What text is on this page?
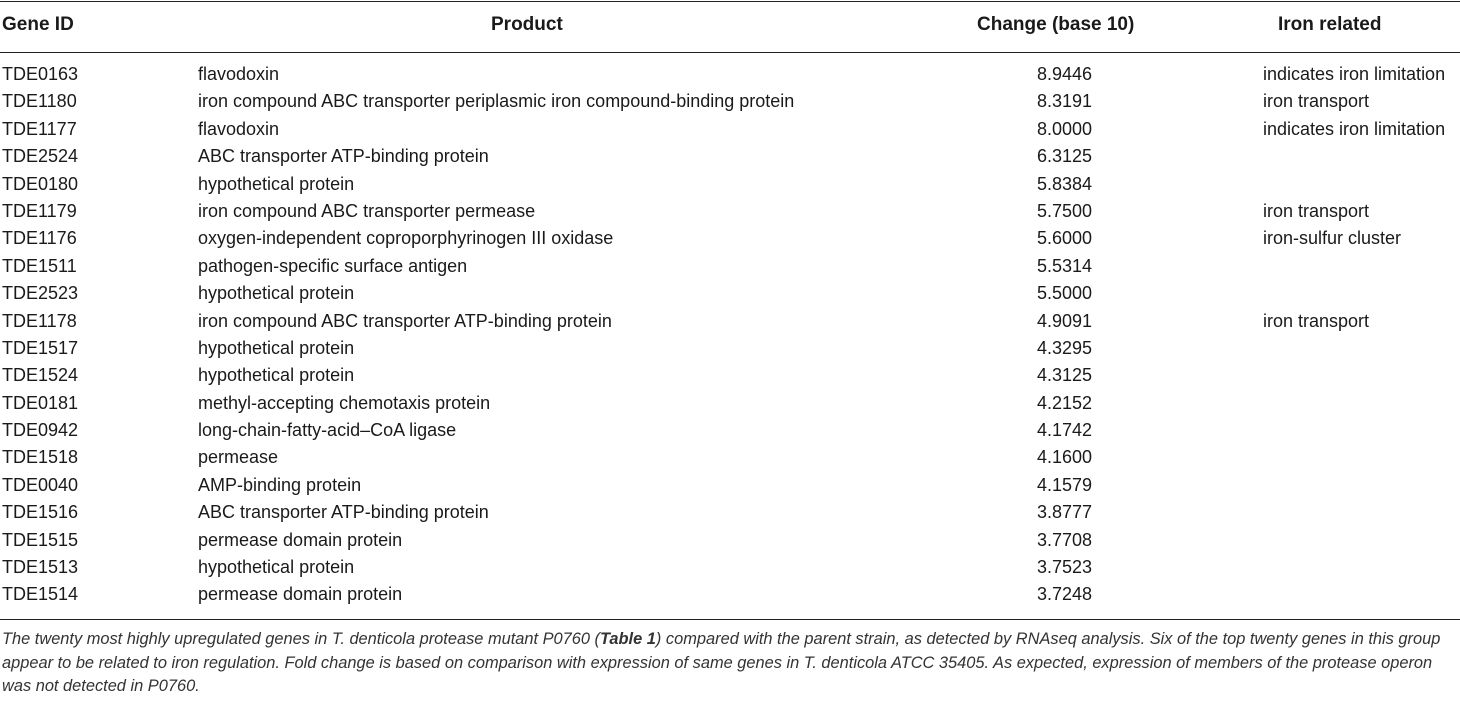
Gene ID	Product	Change (base 10)	Iron related
TDE0163	flavodoxin	8.9446	indicates iron limitation
TDE1180	iron compound ABC transporter periplasmic iron compound-binding protein	8.3191	iron transport
TDE1177	flavodoxin	8.0000	indicates iron limitation
TDE2524	ABC transporter ATP-binding protein	6.3125
TDE0180	hypothetical protein	5.8384
TDE1179	iron compound ABC transporter permease	5.7500	iron transport
TDE1176	oxygen-independent coproporphyrinogen III oxidase	5.6000	iron-sulfur cluster
TDE1511	pathogen-specific surface antigen	5.5314
TDE2523	hypothetical protein	5.5000
TDE1178	iron compound ABC transporter ATP-binding protein	4.9091	iron transport
TDE1517	hypothetical protein	4.3295
TDE1524	hypothetical protein	4.3125
TDE0181	methyl-accepting chemotaxis protein	4.2152
TDE0942	long-chain-fatty-acid–CoA ligase	4.1742
TDE1518	permease	4.1600
TDE0040	AMP-binding protein	4.1579
TDE1516	ABC transporter ATP-binding protein	3.8777
TDE1515	permease domain protein	3.7708
TDE1513	hypothetical protein	3.7523
TDE1514	permease domain protein	3.7248
The twenty most highly upregulated genes in T. denticola protease mutant P0760 (Table 1) compared with the parent strain, as detected by RNAseq analysis. Six of the top twenty genes in this group appear to be related to iron regulation. Fold change is based on comparison with expression of same genes in T. denticola ATCC 35405. As expected, expression of members of the protease operon was not detected in P0760.
